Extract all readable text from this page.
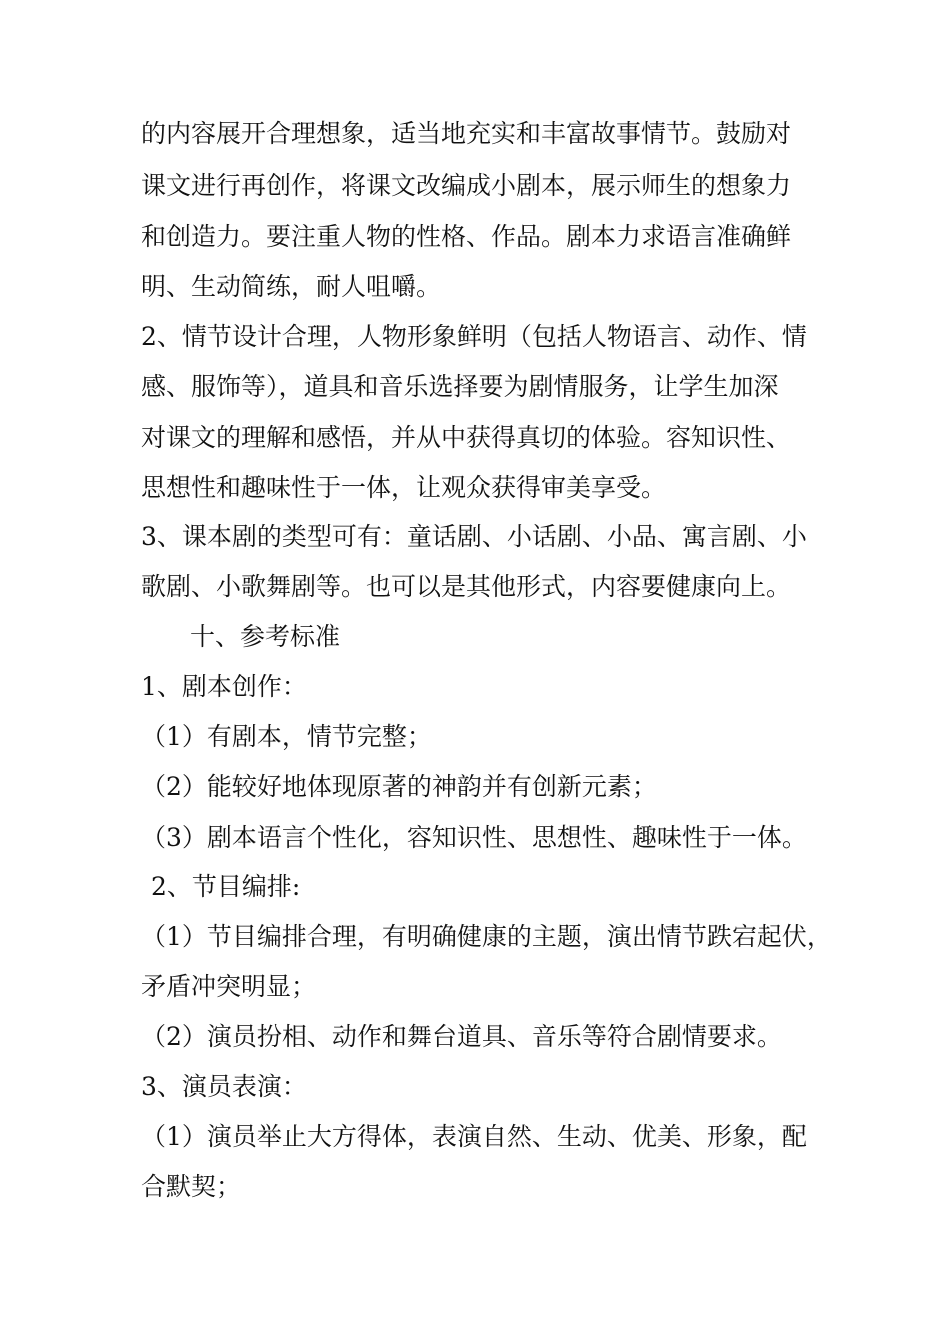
的内容展开合理想象，适当地充实和丰富故事情节。鼓励对
课文进行再创作，将课文改编成小剧本，展示师生的想象力
和创造力。要注重人物的性格、作品。剧本力求语言准确鲜
明、生动简练，耐人咀嚼。
2、情节设计合理，人物形象鲜明（包括人物语言、动作、情
感、服饰等），道具和音乐选择要为剧情服务，让学生加深
对课文的理解和感悟，并从中获得真切的体验。容知识性、
思想性和趣味性于一体，让观众获得审美享受。
3、课本剧的类型可有：童话剧、小话剧、小品、寓言剧、小
歌剧、小歌舞剧等。也可以是其他形式，内容要健康向上。
十、参考标准
1、剧本创作：
（1）有剧本，情节完整；
（2）能较好地体现原著的神韵并有创新元素；
（3）剧本语言个性化，容知识性、思想性、趣味性于一体。
2、节目编排:
（1）节目编排合理，有明确健康的主题，演出情节跌宕起伏，
矛盾冲突明显；
（2）演员扮相、动作和舞台道具、音乐等符合剧情要求。
3、演员表演：
（1）演员举止大方得体，表演自然、生动、优美、形象，配
合默契；
